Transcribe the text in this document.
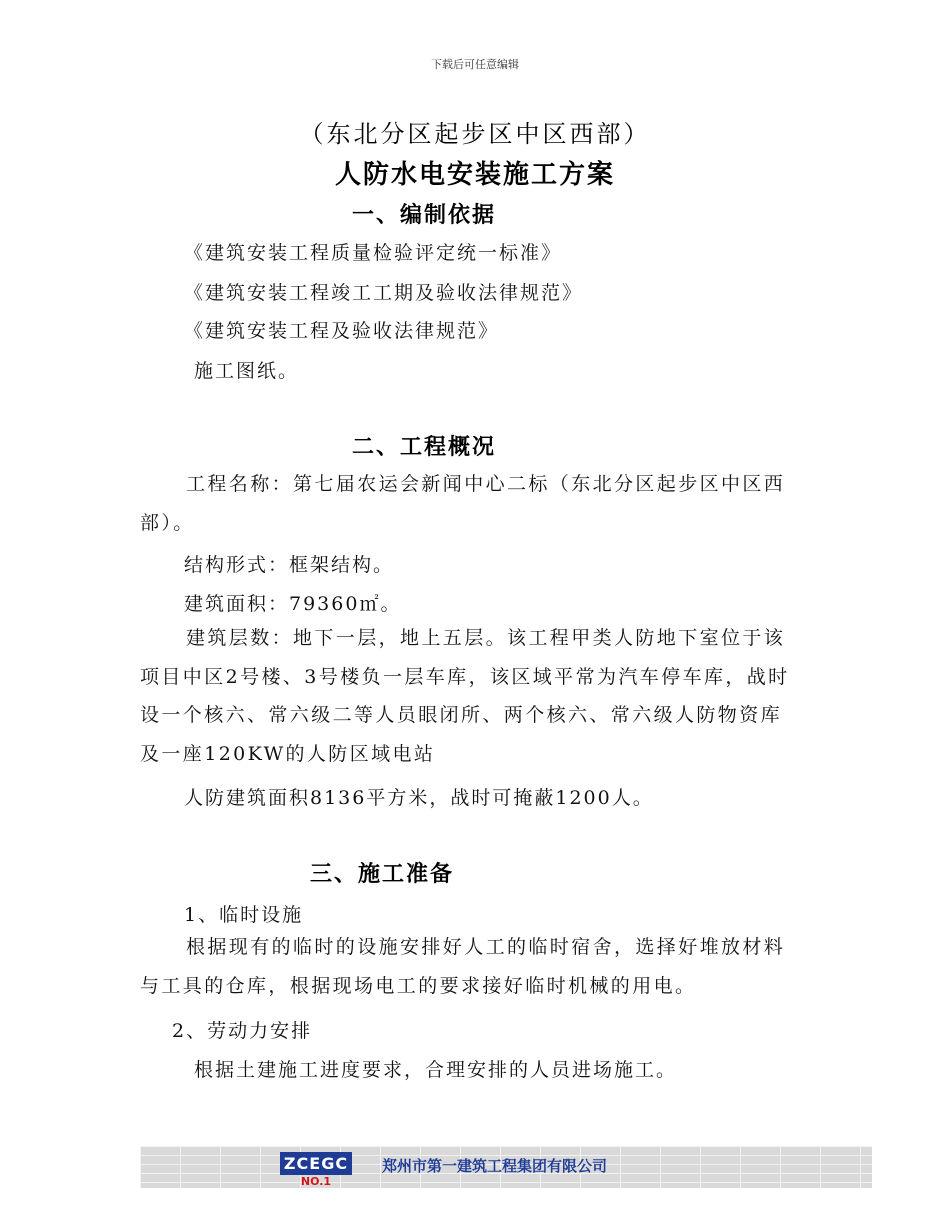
下载后可任意编辑
（东北分区起步区中区西部）
人防水电安装施工方案
一、编制依据
《建筑安装工程质量检验评定统一标准》
《建筑安装工程竣工工期及验收法律规范》
《建筑安装工程及验收法律规范》
施工图纸。
二、工程概况
工程名称：第七届农运会新闻中心二标（东北分区起步区中区西部）。
结构形式：框架结构。
建筑面积：79360㎡。
建筑层数：地下一层，地上五层。该工程甲类人防地下室位于该项目中区2号楼、3号楼负一层车库，该区域平常为汽车停车库，战时设一个核六、常六级二等人员眼闭所、两个核六、常六级人防物资库及一座120KW的人防区域电站
人防建筑面积8136平方米，战时可掩蔽1200人。
三、施工准备
1、临时设施
根据现有的临时的设施安排好人工的临时宿舍，选择好堆放材料与工具的仓库，根据现场电工的要求接好临时机械的用电。
2、劳动力安排
根据土建施工进度要求，合理安排的人员进场施工。
ZCEGC
NO.1
郑州市第一建筑工程集团有限公司
